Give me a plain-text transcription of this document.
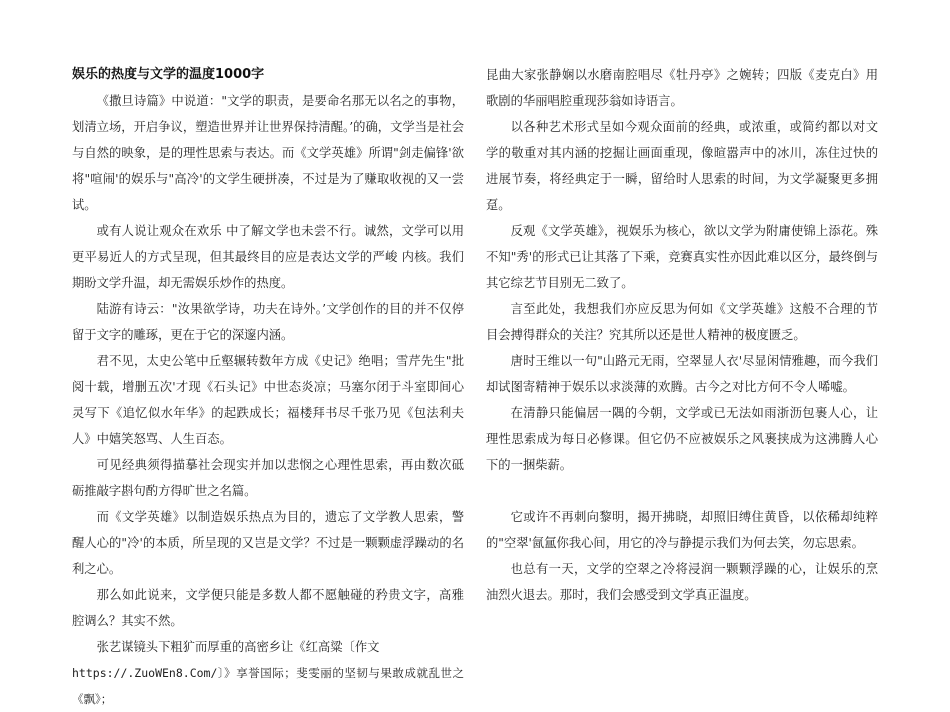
娱乐的热度与文学的温度1000字

《撒旦诗篇》中说道："文学的职责，是要命名那无以名之的事物，划清立场，开启争议，塑造世界并让世界保持清醒。’的确，文学当是社会与自然的映象，是的理性思索与表达。而《文学英雄》所谓"剑走偏锋'欲将"喧闹'的娱乐与"高冷'的文学生硬拼凑，不过是为了赚取收视的又一尝试。

或有人说让观众在欢乐 中了解文学也未尝不行。诚然，文学可以用更平易近人的方式呈现，但其最终目的应是表达文学的严峻 内核。我们期盼文学升温，却无需娱乐炒作的热度。

陆游有诗云："汝果欲学诗，功夫在诗外。’文学创作的目的并不仅停留于文字的雕琢，更在于它的深邃内涵。

君不见，太史公笔中丘壑辗转数年方成《史记》绝唱；雪芹先生"批阅十载，增删五次'才现《石头记》中世态炎凉；马塞尔闭于斗室即间心灵写下《追忆似水年华》的起跌成长；福楼拜书尽千张乃见《包法利夫人》中嬉笑怒骂、人生百态。

可见经典须得描摹社会现实并加以悲悯之心理性思索，再由数次砥砺推敲字斟句酌方得旷世之名篇。

而《文学英雄》以制造娱乐热点为目的，遗忘了文学教人思索，警醒人心的"冷'的本质，所呈现的又岂是文学？不过是一颗颗虚浮躁动的名利之心。

那么如此说来，文学便只能是多数人都不愿触碰的矜贵文字，高雅腔调么？其实不然。

张艺谋镜头下粗犷而厚重的高密乡让《红高粱〔作文

https://.ZuoWEn8.Com/〕》享誉国际；斐雯丽的坚韧与果敢成就乱世之《飘》；

昆曲大家张静娴以水磨南腔唱尽《牡丹亭》之婉转；四版《麦克白》用歌剧的华丽唱腔重现莎翁如诗语言。

以各种艺术形式呈如今观众面前的经典，或浓重，或简约都以对文学的敬重对其内涵的挖掘让画面重现，像暄嚣声中的冰川，冻住过快的进展节奏，将经典定于一瞬，留给时人思索的时间，为文学凝聚更多拥趸。

反观《文学英雄》，视娱乐为核心，欲以文学为附庸使锦上添花。殊不知"秀'的形式已让其落了下乘，竞赛真实性亦因此难以区分，最终倒与其它综艺节目别无二致了。

言至此处，我想我们亦应反思为何如《文学英雄》这般不合理的节目会搏得群众的关注？究其所以还是世人精神的极度匮乏。

唐时王维以一句"山路元无雨，空翠显人衣'尽显闲情雅趣，而今我们却试图寄精神于娱乐以求淡薄的欢腾。古今之对比方何不令人唏嘘。

在清静只能偏居一隅的今朝，文学或已无法如雨浙沥包裹人心，让理性思索成为每日必修课。但它仍不应被娱乐之风裹挟成为这沸腾人心下的一捆柴薪。

它或许不再刺向黎明，揭开拂晓，却照旧缚住黄昏，以依稀却纯粹的"空翠'氤氲你我心间，用它的冷与静提示我们为何去笑，勿忘思索。

也总有一天，文学的空翠之冷将浸润一颗颗浮躁的心，让娱乐的烹油烈火退去。那时，我们会感受到文学真正温度。
